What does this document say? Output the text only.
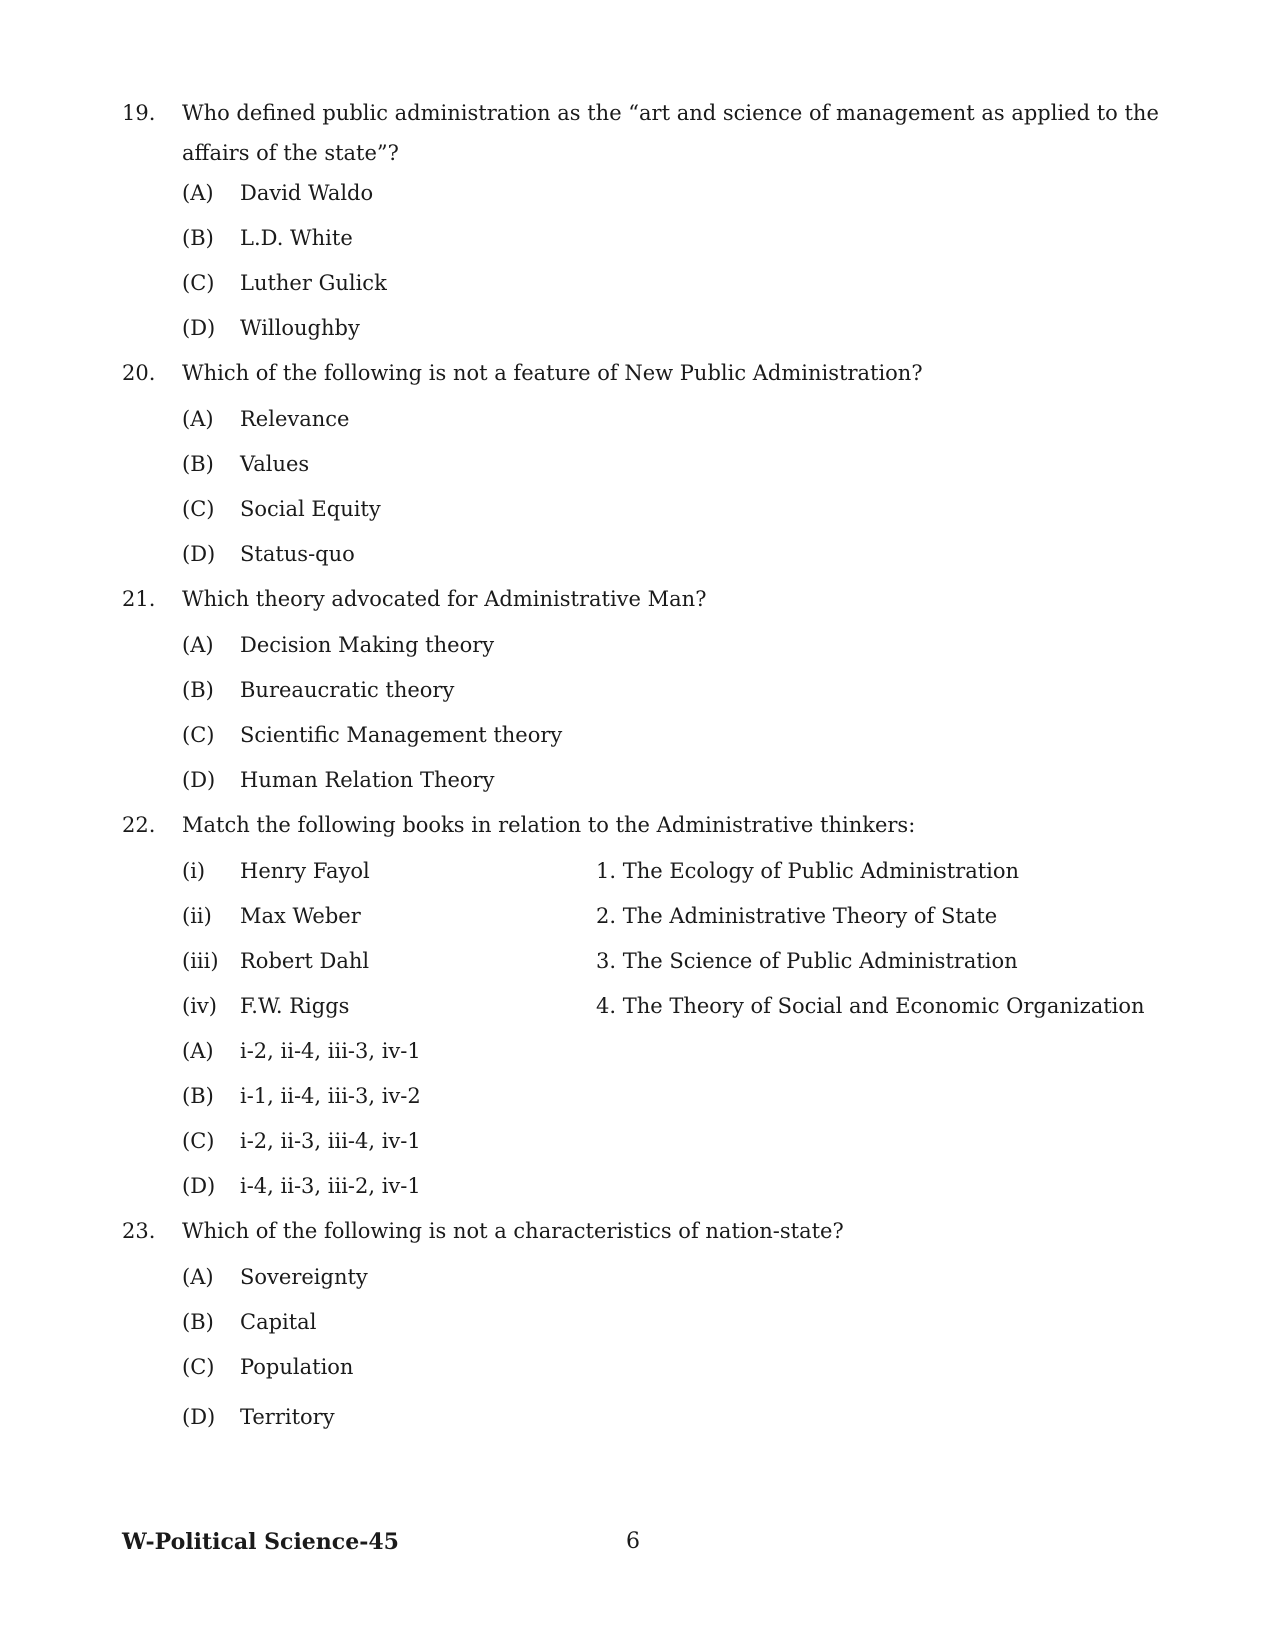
19. Who defined public administration as the “art and science of management as applied to the affairs of the state”?
(A) David Waldo
(B) L.D. White
(C) Luther Gulick
(D) Willoughby
20. Which of the following is not a feature of New Public Administration?
(A) Relevance
(B) Values
(C) Social Equity
(D) Status-quo
21. Which theory advocated for Administrative Man?
(A) Decision Making theory
(B) Bureaucratic theory
(C) Scientific Management theory
(D) Human Relation Theory
22. Match the following books in relation to the Administrative thinkers:
(i) Henry Fayol	1. The Ecology of Public Administration
(ii) Max Weber	2. The Administrative Theory of State
(iii) Robert Dahl	3. The Science of Public Administration
(iv) F.W. Riggs	4. The Theory of Social and Economic Organization
(A) i-2, ii-4, iii-3, iv-1
(B) i-1, ii-4, iii-3, iv-2
(C) i-2, ii-3, iii-4, iv-1
(D) i-4, ii-3, iii-2, iv-1
23. Which of the following is not a characteristics of nation-state?
(A) Sovereignty
(B) Capital
(C) Population
(D) Territory
W-Political Science-45	6
